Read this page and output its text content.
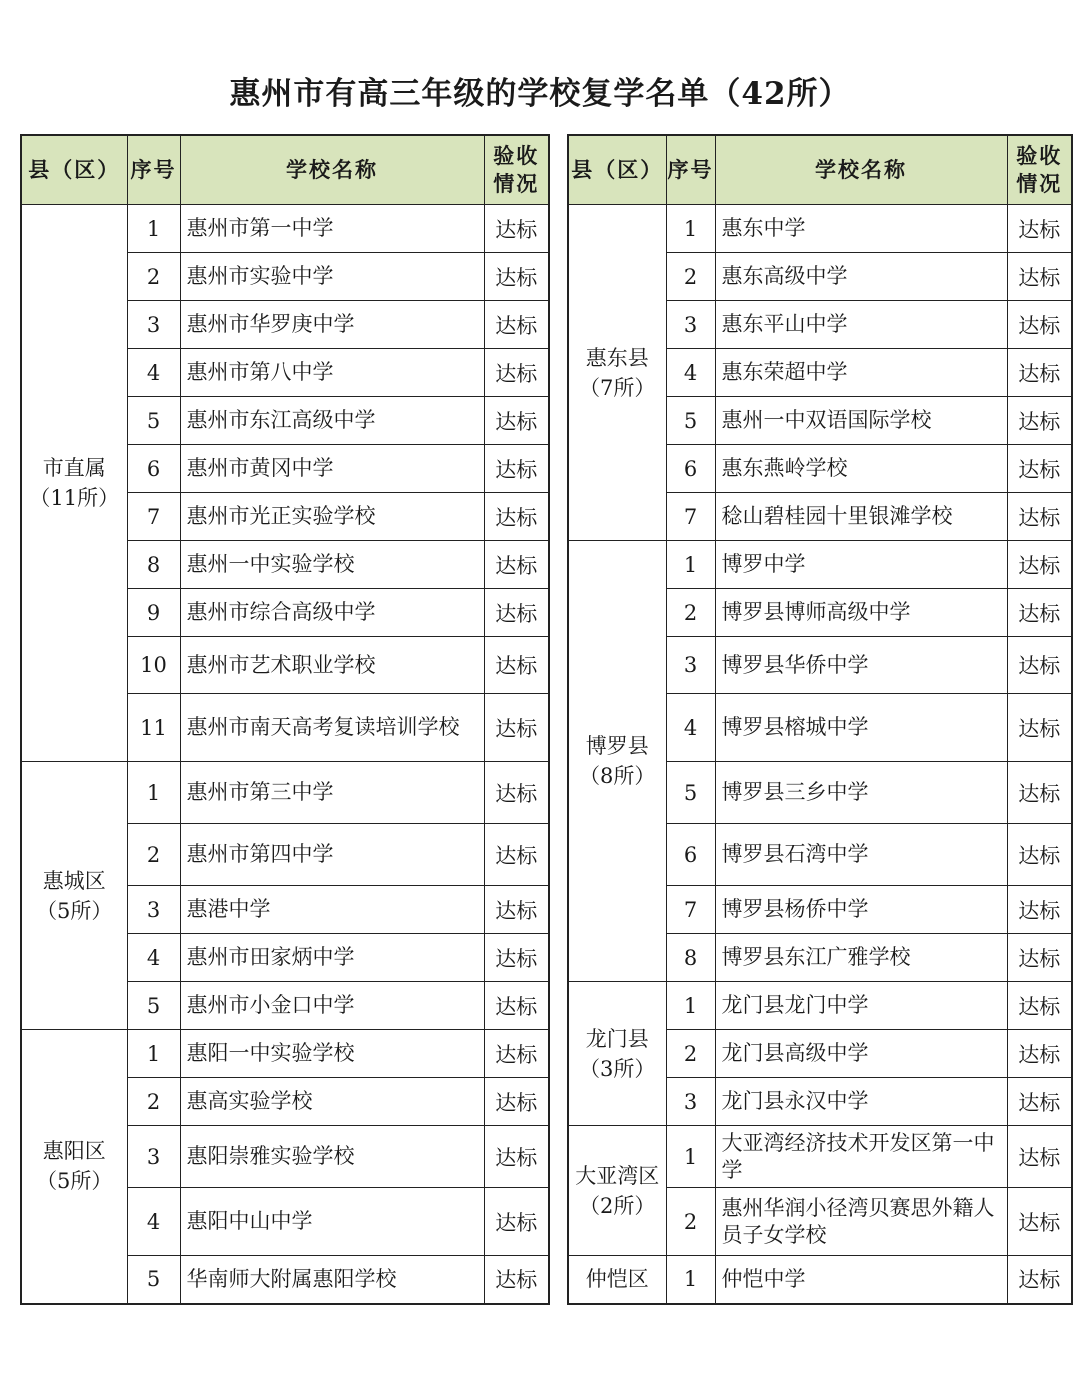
惠州市有高三年级的学校复学名单（42所）
县（区）	序号	学校名称	验收
情况

市直属
（11所）	1	惠州市第一中学	达标
	2	惠州市实验中学	达标
	3	惠州市华罗庚中学	达标
	4	惠州市第八中学	达标
	5	惠州市东江高级中学	达标
	6	惠州市黄冈中学	达标
	7	惠州市光正实验学校	达标
	8	惠州一中实验学校	达标
	9	惠州市综合高级中学	达标
	10	惠州市艺术职业学校	达标
	11	惠州市南天高考复读培训学校	达标

惠城区
（5所）	1	惠州市第三中学	达标
	2	惠州市第四中学	达标
	3	惠港中学	达标
	4	惠州市田家炳中学	达标
	5	惠州市小金口中学	达标

惠阳区
（5所）	1	惠阳一中实验学校	达标
	2	惠高实验学校	达标
	3	惠阳崇雅实验学校	达标
	4	惠阳中山中学	达标
	5	华南师大附属惠阳学校	达标
县（区）	序号	学校名称	验收
情况

惠东县
（7所）	1	惠东中学	达标
	2	惠东高级中学	达标
	3	惠东平山中学	达标
	4	惠东荣超中学	达标
	5	惠州一中双语国际学校	达标
	6	惠东燕岭学校	达标
	7	稔山碧桂园十里银滩学校	达标

博罗县
（8所）	1	博罗中学	达标
	2	博罗县博师高级中学	达标
	3	博罗县华侨中学	达标
	4	博罗县榕城中学	达标
	5	博罗县三乡中学	达标
	6	博罗县石湾中学	达标
	7	博罗县杨侨中学	达标
	8	博罗县东江广雅学校	达标

龙门县
（3所）	1	龙门县龙门中学	达标
	2	龙门县高级中学	达标
	3	龙门县永汉中学	达标

大亚湾区
（2所）	1	大亚湾经济技术开发区第一中学	达标
	2	惠州华润小径湾贝赛思外籍人员子女学校	达标

仲恺区	1	仲恺中学	达标
